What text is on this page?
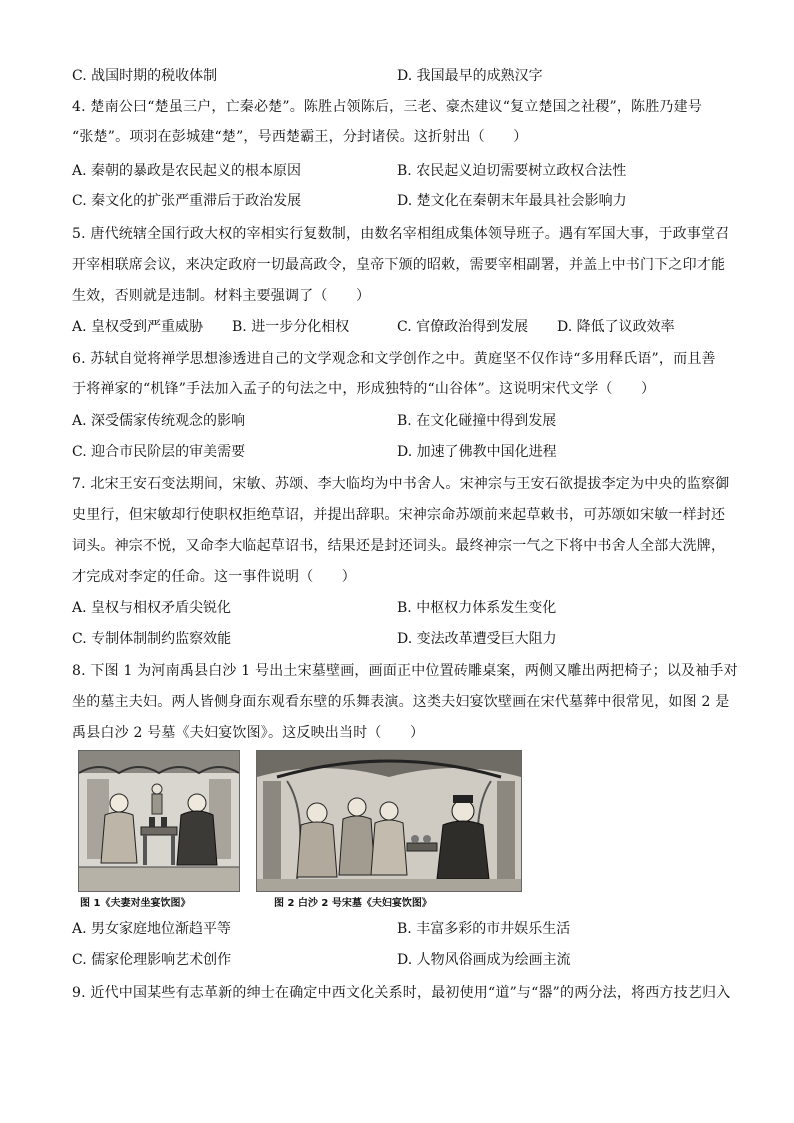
C. 战国时期的税收体制	D. 我国最早的成熟汉字
4. 楚南公曰“楚虽三户，亡秦必楚”。陈胜占领陈后，三老、豪杰建议“复立楚国之社稷”，陈胜乃建号
“张楚”。项羽在彭城建“楚”，号西楚霸王，分封诸侯。这折射出（　　）
A. 秦朝的暴政是农民起义的根本原因	B. 农民起义迫切需要树立政权合法性
C. 秦文化的扩张严重滞后于政治发展	D. 楚文化在秦朝末年最具社会影响力
5. 唐代统辖全国行政大权的宰相实行复数制，由数名宰相组成集体领导班子。遇有军国大事，于政事堂召
开宰相联席会议，来决定政府一切最高政令，皇帝下颁的昭敕，需要宰相副署，并盖上中书门下之印才能
生效，否则就是违制。材料主要强调了（　　）
A. 皇权受到严重威胁 B. 进一步分化相权	C. 官僚政治得到发展 D. 降低了议政效率
6. 苏轼自觉将禅学思想渗透进自己的文学观念和文学创作之中。黄庭坚不仅作诗“多用释氏语”，而且善
于将禅家的“机锋”手法加入孟子的句法之中，形成独特的“山谷体”。这说明宋代文学（　　）
A. 深受儒家传统观念的影响	B. 在文化碰撞中得到发展
C. 迎合市民阶层的审美需要	D. 加速了佛教中国化进程
7. 北宋王安石变法期间，宋敏、苏颂、李大临均为中书舍人。宋神宗与王安石欲提拔李定为中央的监察御
史里行，但宋敏却行使职权拒绝草诏，并提出辞职。宋神宗命苏颂前来起草敕书，可苏颂如宋敏一样封还
词头。神宗不悦，又命李大临起草诏书，结果还是封还词头。最终神宗一气之下将中书舍人全部大洗牌，
才完成对李定的任命。这一事件说明（　　）
A. 皇权与相权矛盾尖锐化	B. 中枢权力体系发生变化
C. 专制体制制约监察效能	D. 变法改革遭受巨大阻力
8. 下图 1 为河南禹县白沙 1 号出土宋墓壁画，画面正中位置砖雕桌案，两侧又雕出两把椅子；以及袖手对
坐的墓主夫妇。两人皆侧身面东观看东壁的乐舞表演。这类夫妇宴饮壁画在宋代墓葬中很常见，如图 2 是
禹县白沙 2 号墓《夫妇宴饮图》。这反映出当时（　　）
图 1《夫妻对坐宴饮图》	图 2 白沙 2 号宋墓《夫妇宴饮图》
A. 男女家庭地位渐趋平等	B. 丰富多彩的市井娱乐生活
C. 儒家伦理影响艺术创作	D. 人物风俗画成为绘画主流
9. 近代中国某些有志革新的绅士在确定中西文化关系时，最初使用“道”与“器”的两分法，将西方技艺归入
